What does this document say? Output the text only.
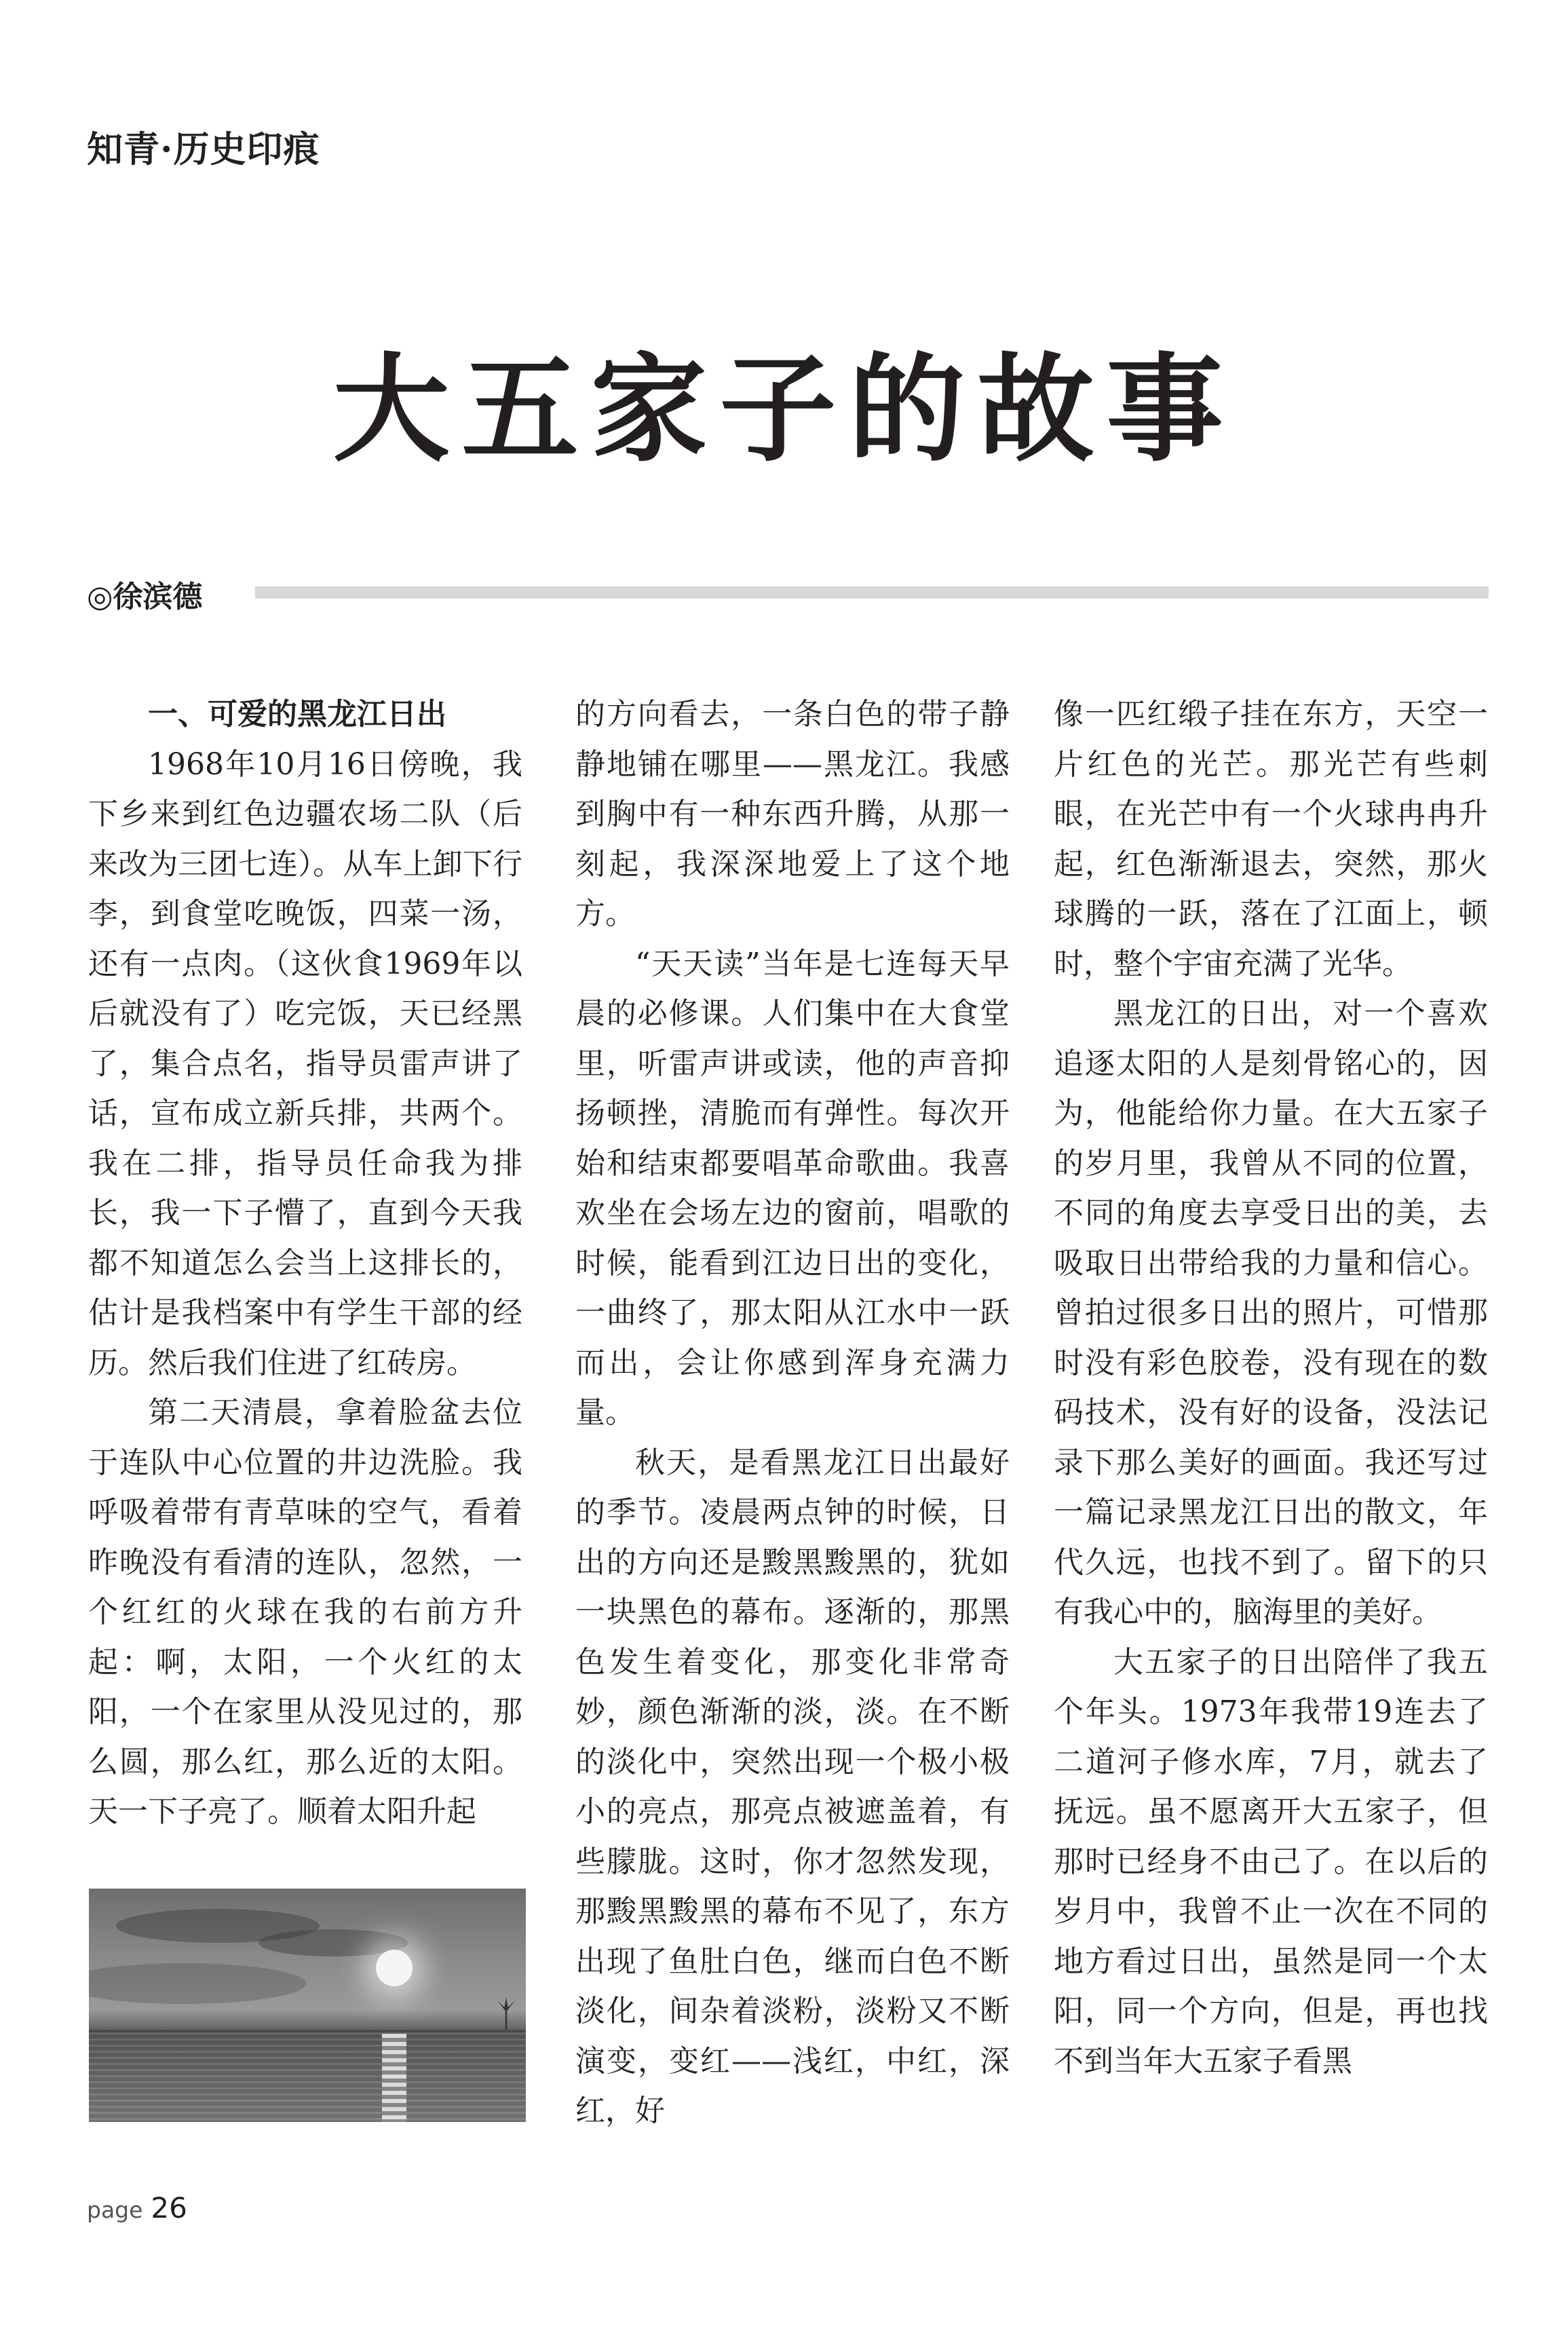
知青·历史印痕
大五家子的故事
◎徐滨德
一、可爱的黑龙江日出

1968年10月16日傍晚，我下乡来到红色边疆农场二队（后来改为三团七连）。从车上卸下行李，到食堂吃晚饭，四菜一汤，还有一点肉。（这伙食1969年以后就没有了）吃完饭，天已经黑了，集合点名，指导员雷声讲了话，宣布成立新兵排，共两个。我在二排，指导员任命我为排长，我一下子懵了，直到今天我都不知道怎么会当上这排长的，估计是我档案中有学生干部的经历。然后我们住进了红砖房。

第二天清晨，拿着脸盆去位于连队中心位置的井边洗脸。我呼吸着带有青草味的空气，看着昨晚没有看清的连队，忽然，一个红红的火球在我的右前方升起：啊，太阳，一个火红的太阳，一个在家里从没见过的，那么圆，那么红，那么近的太阳。天一下子亮了。顺着太阳升起

的方向看去，一条白色的带子静静地铺在哪里——黑龙江。我感到胸中有一种东西升腾，从那一刻起，我深深地爱上了这个地方。

“天天读”当年是七连每天早晨的必修课。人们集中在大食堂里，听雷声讲或读，他的声音抑扬顿挫，清脆而有弹性。每次开始和结束都要唱革命歌曲。我喜欢坐在会场左边的窗前，唱歌的时候，能看到江边日出的变化，一曲终了，那太阳从江水中一跃而出，会让你感到浑身充满力量。

秋天，是看黑龙江日出最好的季节。凌晨两点钟的时候，日出的方向还是黢黑黢黑的，犹如一块黑色的幕布。逐渐的，那黑色发生着变化，那变化非常奇妙，颜色渐渐的淡，淡。在不断的淡化中，突然出现一个极小极小的亮点，那亮点被遮盖着，有些朦胧。这时，你才忽然发现，那黢黑黢黑的幕布不见了，东方出现了鱼肚白色，继而白色不断淡化，间杂着淡粉，淡粉又不断演变，变红——浅红，中红，深红，好

像一匹红缎子挂在东方，天空一片红色的光芒。那光芒有些刺眼，在光芒中有一个火球冉冉升起，红色渐渐退去，突然，那火球腾的一跃，落在了江面上，顿时，整个宇宙充满了光华。

黑龙江的日出，对一个喜欢追逐太阳的人是刻骨铭心的，因为，他能给你力量。在大五家子的岁月里，我曾从不同的位置，不同的角度去享受日出的美，去吸取日出带给我的力量和信心。曾拍过很多日出的照片，可惜那时没有彩色胶卷，没有现在的数码技术，没有好的设备，没法记录下那么美好的画面。我还写过一篇记录黑龙江日出的散文，年代久远，也找不到了。留下的只有我心中的，脑海里的美好。

大五家子的日出陪伴了我五个年头。1973年我带19连去了二道河子修水库，7月，就去了抚远。虽不愿离开大五家子，但那时已经身不由己了。在以后的岁月中，我曾不止一次在不同的地方看过日出，虽然是同一个太阳，同一个方向，但是，再也找不到当年大五家子看黑

page 26
